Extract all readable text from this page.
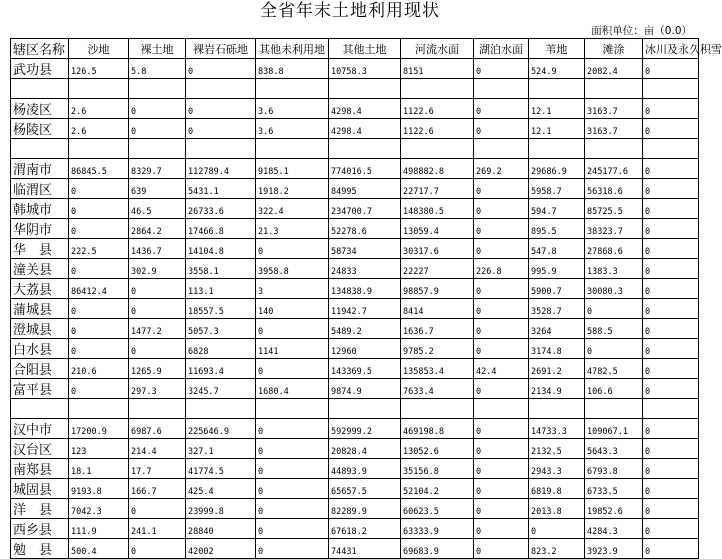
全省年末土地利用现状
面积单位：亩（0.0）
辖区名称	沙地	裸土地	裸岩石砾地	其他未利用地	其他土地	河流水面	湖泊水面	苇地	滩涂	冰川及永久积雪
武功县	126.5	5.8	0	838.8	10758.3	8151	0	524.9	2082.4	0

杨凌区	2.6	0	0	3.6	4298.4	1122.6	0	12.1	3163.7	0
杨陵区	2.6	0	0	3.6	4298.4	1122.6	0	12.1	3163.7	0

渭南市	86845.5	8329.7	112789.4	9185.1	774016.5	498882.8	269.2	29686.9	245177.6	0
临渭区	0	639	5431.1	1918.2	84995	22717.7	0	5958.7	56318.6	0
韩城市	0	46.5	26733.6	322.4	234700.7	148380.5	0	594.7	85725.5	0
华阴市	0	2864.2	17466.8	21.3	52278.6	13059.4	0	895.5	38323.7	0
华　县	222.5	1436.7	14104.8	0	58734	30317.6	0	547.8	27868.6	0
潼关县	0	302.9	3558.1	3958.8	24833	22227	226.8	995.9	1383.3	0
大荔县	86412.4	0	113.1	3	134838.9	98857.9	0	5900.7	30080.3	0
蒲城县	0	0	18557.5	140	11942.7	8414	0	3528.7	0	0
澄城县	0	1477.2	5057.3	0	5489.2	1636.7	0	3264	588.5	0
白水县	0	0	6828	1141	12960	9785.2	0	3174.8	0	0
合阳县	210.6	1265.9	11693.4	0	143369.5	135853.4	42.4	2691.2	4782.5	0
富平县	0	297.3	3245.7	1680.4	9874.9	7633.4	0	2134.9	106.6	0

汉中市	17200.9	6987.6	225646.9	0	592999.2	469198.8	0	14733.3	109067.1	0
汉台区	123	214.4	327.1	0	20828.4	13052.6	0	2132.5	5643.3	0
南郑县	18.1	17.7	41774.5	0	44893.9	35156.8	0	2943.3	6793.8	0
城固县	9193.8	166.7	425.4	0	65657.5	52104.2	0	6819.8	6733.5	0
洋　县	7042.3	0	23999.8	0	82289.9	60623.5	0	2013.8	19852.6	0
西乡县	111.9	241.1	28840	0	67618.2	63333.9	0	0	4284.3	0
勉　县	500.4	0	42002	0	74431	69683.9	0	823.2	3923.9	0
